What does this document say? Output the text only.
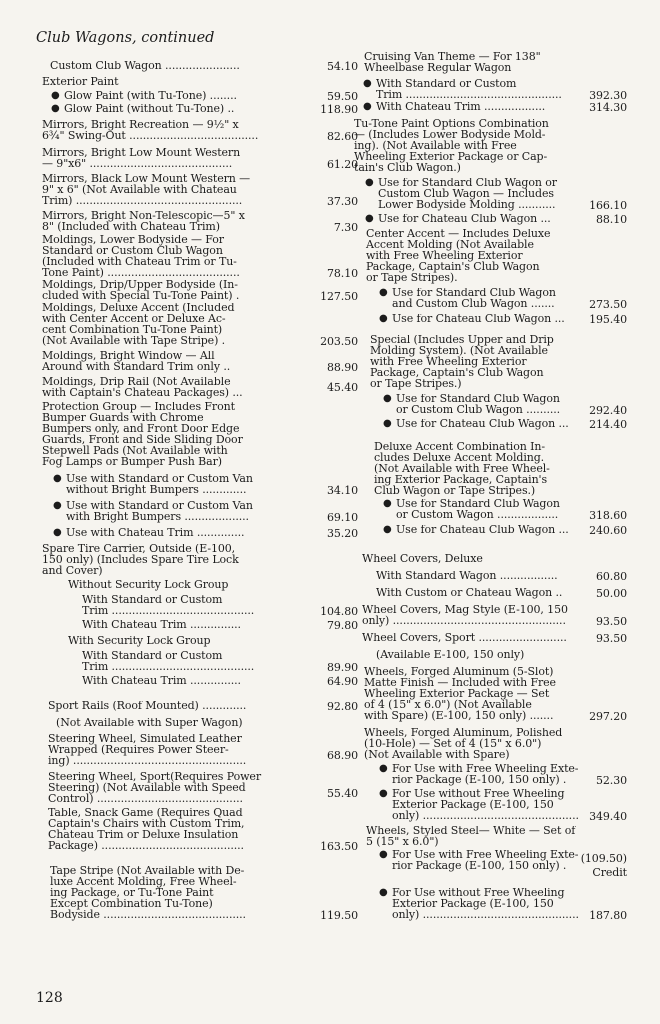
Club Wagons, continued
Custom Club Wagon ......................	54.10
Exterior Paint
● Glow Paint (with Tu-Tone) ........	59.50
● Glow Paint (without Tu-Tone) ..	118.90
Mirrors, Bright Recreation — 9½" x
6¾" Swing-Out ......................................	82.60
Mirrors, Bright Low Mount Western
— 9"x6" ..........................................	61.20
Mirrors, Black Low Mount Western —
9" x 6" (Not Available with Chateau
Trim) .................................................	37.30
Mirrors, Bright Non-Telescopic—5" x
8" (Included with Chateau Trim)	7.30
Moldings, Lower Bodyside — For
Standard or Custom Club Wagon
(Included with Chateau Trim or Tu-
Tone Paint) .......................................	78.10
Moldings, Drip/Upper Bodyside (In-
cluded with Special Tu-Tone Paint) .	127.50
Moldings, Deluxe Accent (Included
with Center Accent or Deluxe Ac-
cent Combination Tu-Tone Paint)
(Not Available with Tape Stripe) .	203.50
Moldings, Bright Window — All
Around with Standard Trim only ..	88.90
Moldings, Drip Rail (Not Available
with Captain's Chateau Packages) ...	45.40
Protection Group — Includes Front
Bumper Guards with Chrome
Bumpers only, and Front Door Edge
Guards, Front and Side Sliding Door
Stepwell Pads (Not Available with
Fog Lamps or Bumper Push Bar)
● Use with Standard or Custom Van
without Bright Bumpers .............	34.10
● Use with Standard or Custom Van
with Bright Bumpers ...................	69.10
● Use with Chateau Trim ..............	35.20
Spare Tire Carrier, Outside (E-100,
150 only) (Includes Spare Tire Lock
and Cover)
Without Security Lock Group
With Standard or Custom
Trim ..........................................	104.80
With Chateau Trim ...............	79.80
With Security Lock Group
With Standard or Custom
Trim ..........................................	89.90
With Chateau Trim ...............	64.90
Sport Rails (Roof Mounted) .............	92.80
(Not Available with Super Wagon)
Steering Wheel, Simulated Leather
Wrapped (Requires Power Steer-
ing) ...................................................	68.90
Steering Wheel, Sport(Requires Power
Steering) (Not Available with Speed
Control) ...........................................	55.40
Table, Snack Game (Requires Quad
Captain's Chairs with Custom Trim,
Chateau Trim or Deluxe Insulation
Package) ..........................................	163.50
Tape Stripe (Not Available with De-
luxe Accent Molding, Free Wheel-
ing Package, or Tu-Tone Paint
Except Combination Tu-Tone)
Bodyside ..........................................	119.50
Cruising Van Theme — For 138"
Wheelbase Regular Wagon
● With Standard or Custom
Trim ..............................................	392.30
● With Chateau Trim ..................	314.30
Tu-Tone Paint Options Combination
— (Includes Lower Bodyside Mold-
ing). (Not Available with Free
Wheeling Exterior Package or Cap-
tain's Club Wagon.)
● Use for Standard Club Wagon or
Custom Club Wagon — Includes
Lower Bodyside Molding ...........	166.10
● Use for Chateau Club Wagon ...	88.10
Center Accent — Includes Deluxe
Accent Molding (Not Available
with Free Wheeling Exterior
Package, Captain's Club Wagon
or Tape Stripes).
● Use for Standard Club Wagon
and Custom Club Wagon .......	273.50
● Use for Chateau Club Wagon ...	195.40
Special (Includes Upper and Drip
Molding System). (Not Available
with Free Wheeling Exterior
Package, Captain's Club Wagon
or Tape Stripes.)
● Use for Standard Club Wagon
or Custom Club Wagon ..........	292.40
● Use for Chateau Club Wagon ...	214.40
Deluxe Accent Combination In-
cludes Deluxe Accent Molding.
(Not Available with Free Wheel-
ing Exterior Package, Captain's
Club Wagon or Tape Stripes.)
● Use for Standard Club Wagon
or Custom Wagon ..................	318.60
● Use for Chateau Club Wagon ...	240.60
Wheel Covers, Deluxe
With Standard Wagon .................	60.80
With Custom or Chateau Wagon ..	50.00
Wheel Covers, Mag Style (E-100, 150
only) ...................................................	93.50
Wheel Covers, Sport ..........................	93.50
(Available E-100, 150 only)
Wheels, Forged Aluminum (5-Slot)
Matte Finish — Included with Free
Wheeling Exterior Package — Set
of 4 (15" x 6.0") (Not Available
with Spare) (E-100, 150 only) .......	297.20
Wheels, Forged Aluminum, Polished
(10-Hole) — Set of 4 (15" x 6.0")
(Not Available with Spare)
● For Use with Free Wheeling Exte-
rior Package (E-100, 150 only) .	52.30
● For Use without Free Wheeling
Exterior Package (E-100, 150
only) .............................................. 349.40
Wheels, Styled Steel— White — Set of
5 (15" x 6.0")
● For Use with Free Wheeling Exte-
rior Package (E-100, 150 only) .
(109.50)
Credit
● For Use without Free Wheeling
Exterior Package (E-100, 150
only) .............................................. 187.80
128
